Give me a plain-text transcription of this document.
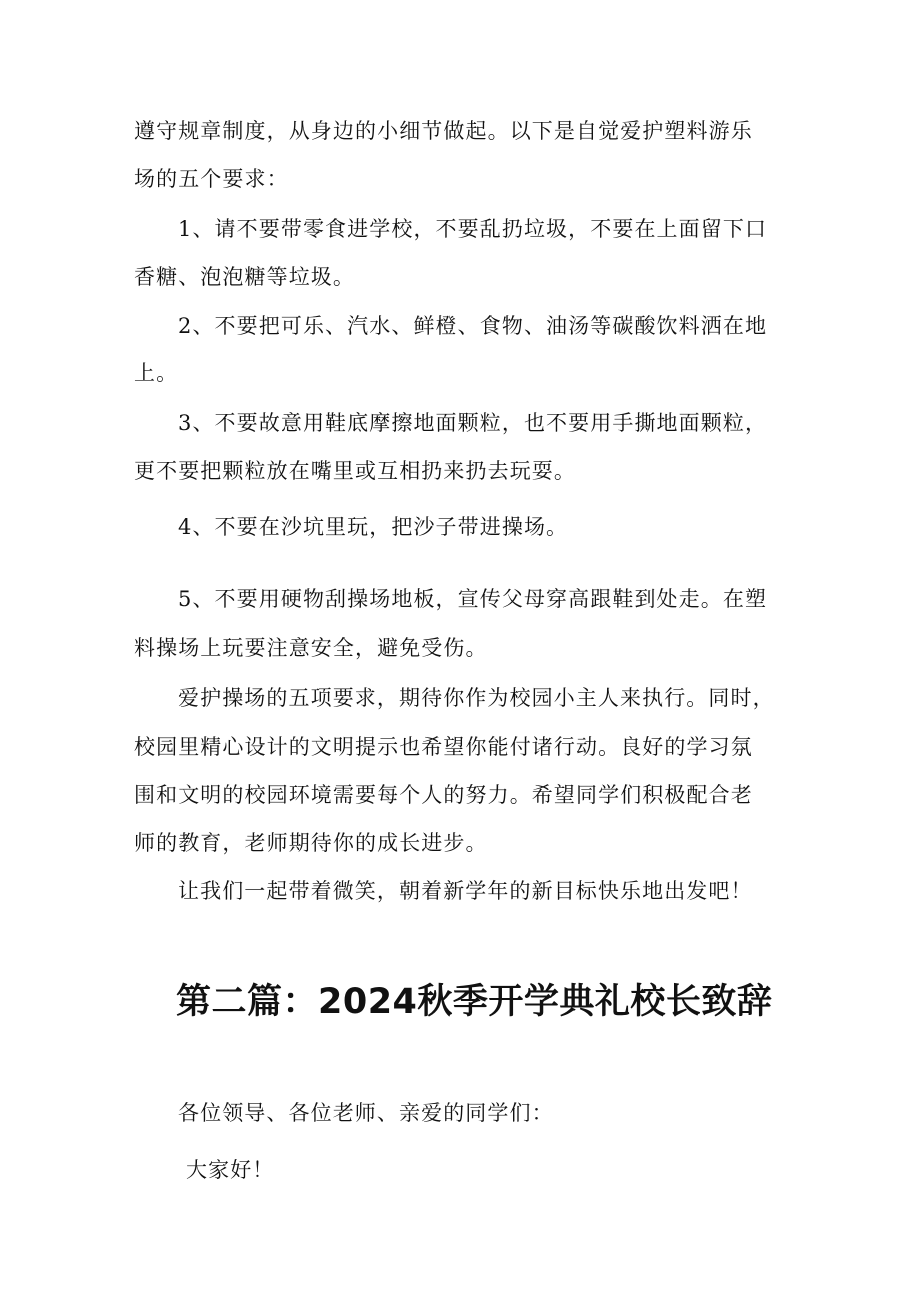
遵守规章制度，从身边的小细节做起。以下是自觉爱护塑料游乐
场的五个要求：
1、请不要带零食进学校，不要乱扔垃圾，不要在上面留下口
香糖、泡泡糖等垃圾。
2、不要把可乐、汽水、鲜橙、食物、油汤等碳酸饮料洒在地
上。
3、不要故意用鞋底摩擦地面颗粒，也不要用手撕地面颗粒，
更不要把颗粒放在嘴里或互相扔来扔去玩耍。
4、不要在沙坑里玩，把沙子带进操场。
5、不要用硬物刮操场地板，宣传父母穿高跟鞋到处走。在塑
料操场上玩要注意安全，避免受伤。
爱护操场的五项要求，期待你作为校园小主人来执行。同时，
校园里精心设计的文明提示也希望你能付诸行动。良好的学习氛
围和文明的校园环境需要每个人的努力。希望同学们积极配合老
师的教育，老师期待你的成长进步。
让我们一起带着微笑，朝着新学年的新目标快乐地出发吧！
第二篇：2024秋季开学典礼校长致辞
各位领导、各位老师、亲爱的同学们：
大家好！
